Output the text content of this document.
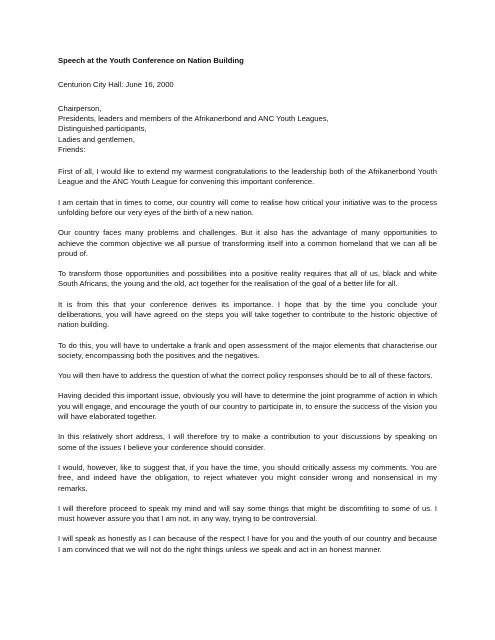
Speech at the Youth Conference on Nation Building
Centurion City Hall: June 16, 2000
Chairperson,
Presidents, leaders and members of the Afrikanerbond and ANC Youth Leagues,
Distinguished participants,
Ladies and gentlemen,
Friends:

First of all, I would like to extend my warmest congratulations to the leadership both of the Afrikanerbond Youth League and the ANC Youth League for convening this important conference.

I am certain that in times to come, our country will come to realise how critical your initiative was to the process unfolding before our very eyes of the birth of a new nation.

Our country faces many problems and challenges. But it also has the advantage of many opportunities to achieve the common objective we all pursue of transforming itself into a common homeland that we can all be proud of.

To transform those opportunities and possibilities into a positive reality requires that all of us, black and white South Africans, the young and the old, act together for the realisation of the goal of a better life for all.

It is from this that your conference derives its importance. I hope that by the time you conclude your deliberations, you will have agreed on the steps you will take together to contribute to the historic objective of nation building.

To do this, you will have to undertake a frank and open assessment of the major elements that characterise our society, encompassing both the positives and the negatives.

You will then have to address the question of what the correct policy responses should be to all of these factors.

Having decided this important issue, obviously you will have to determine the joint programme of action in which you will engage, and encourage the youth of our country to participate in, to ensure the success of the vision you will have elaborated together.

In this relatively short address, I will therefore try to make a contribution to your discussions by speaking on some of the issues I believe your conference should consider.

I would, however, like to suggest that, if you have the time, you should critically assess my comments. You are free, and indeed have the obligation, to reject whatever you might consider wrong and nonsensical in my remarks.

I will therefore proceed to speak my mind and will say some things that might be discomfiting to some of us. I must however assure you that I am not, in any way, trying to be controversial.

I will speak as honestly as I can because of the respect I have for you and the youth of our country and because I am convinced that we will not do the right things unless we speak and act in an honest manner.
